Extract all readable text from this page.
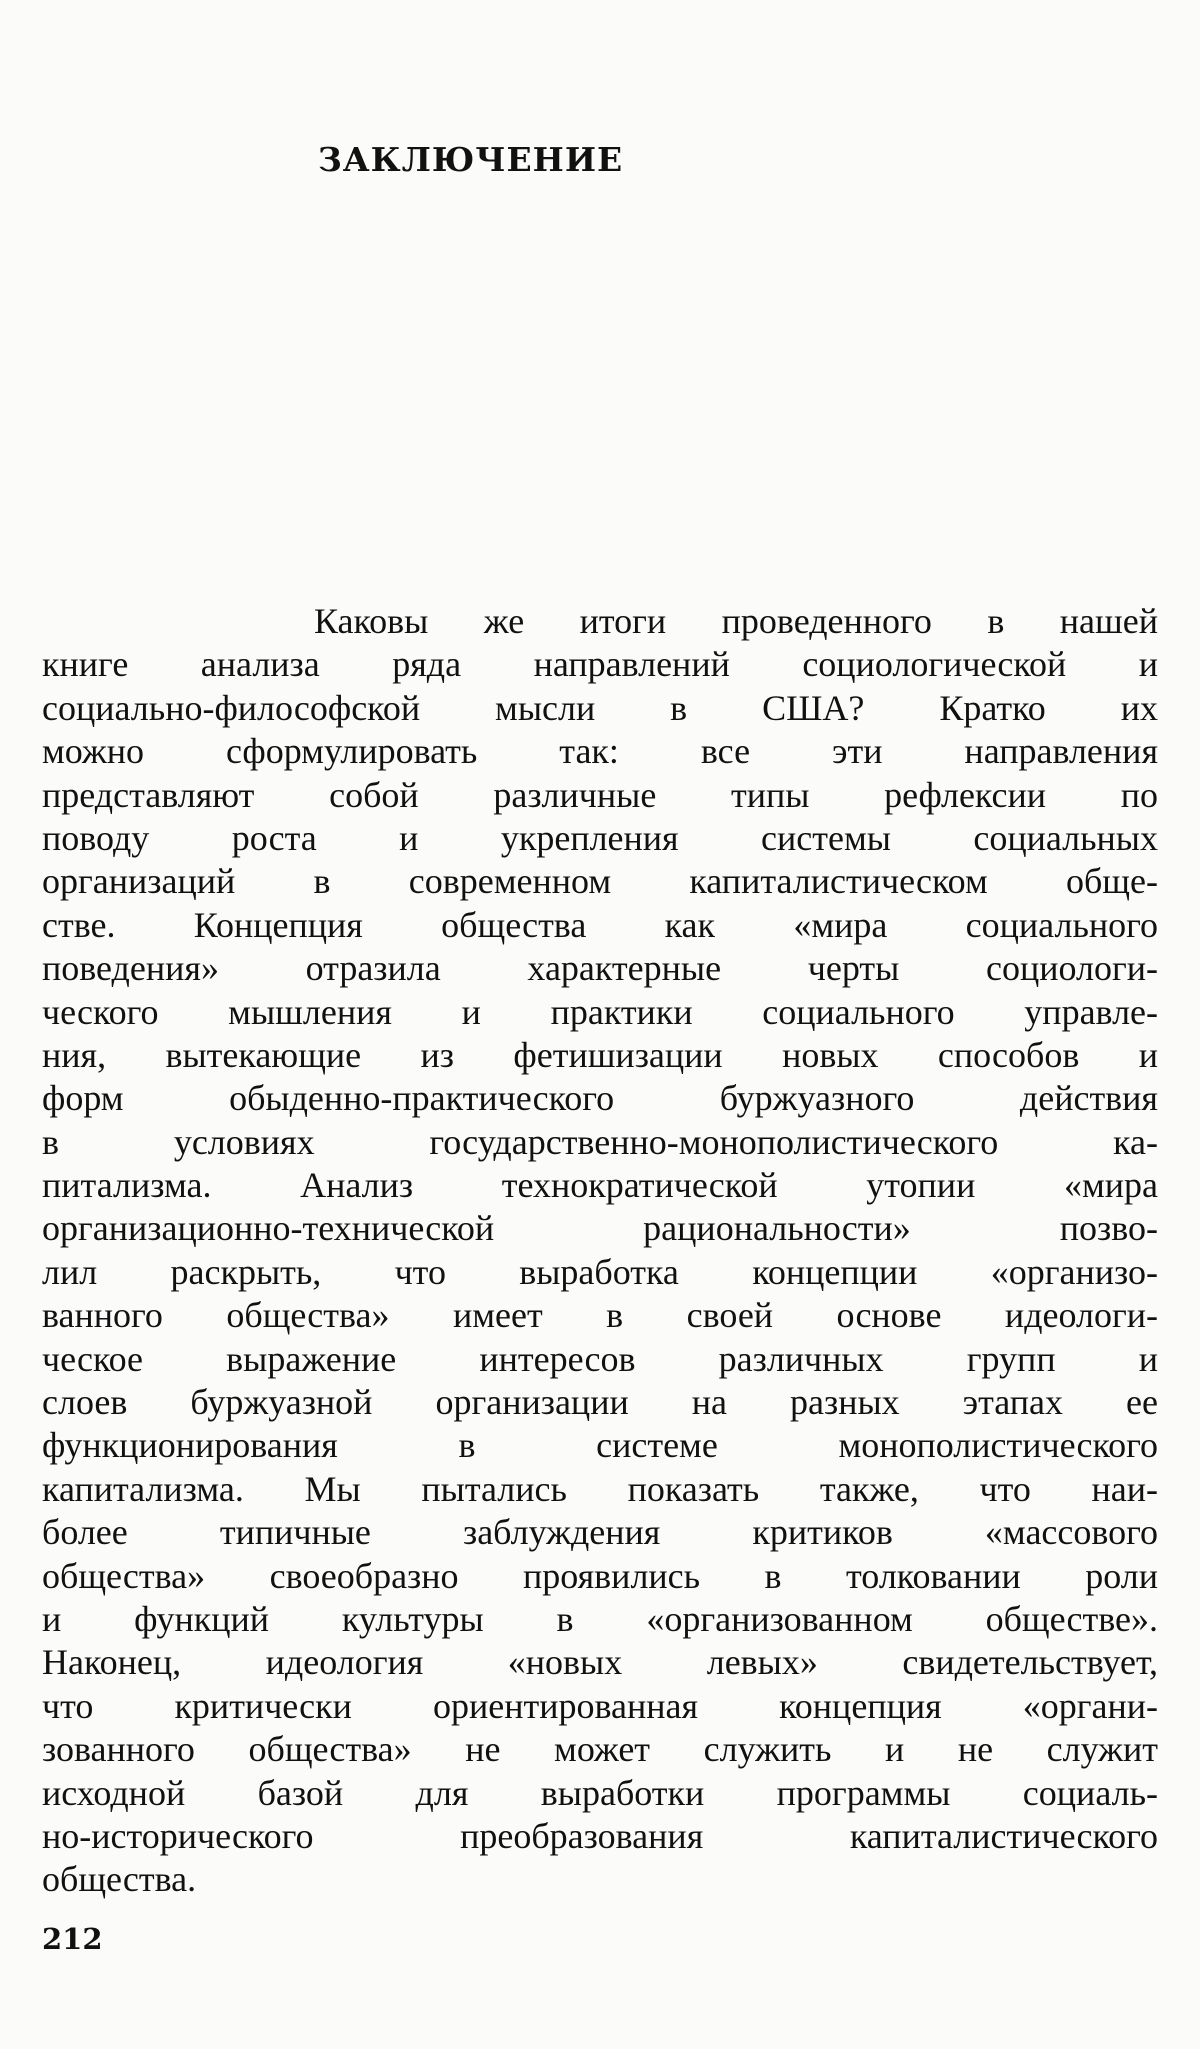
ЗАКЛЮЧЕНИЕ
Каковы же итоги проведенного в нашей
книге анализа ряда направлений социологической и
социально-философской мысли в США? Кратко их
можно сформулировать так: все эти направления
представляют собой различные типы рефлексии по
поводу роста и укрепления системы социальных
организаций в современном капиталистическом обще-
стве. Концепция общества как «мира социального
поведения» отразила характерные черты социологи-
ческого мышления и практики социального управле-
ния, вытекающие из фетишизации новых способов и
форм обыденно-практического буржуазного действия
в условиях государственно-монополистического ка-
питализма. Анализ технократической утопии «мира
организационно-технической рациональности» позво-
лил раскрыть, что выработка концепции «организо-
ванного общества» имеет в своей основе идеологи-
ческое выражение интересов различных групп и
слоев буржуазной организации на разных этапах ее
функционирования в системе монополистического
капитализма. Мы пытались показать также, что наи-
более типичные заблуждения критиков «массового
общества» своеобразно проявились в толковании роли
и функций культуры в «организованном обществе».
Наконец, идеология «новых левых» свидетельствует,
что критически ориентированная концепция «органи-
зованного общества» не может служить и не служит
исходной базой для выработки программы социаль-
но-исторического преобразования капиталистического
общества.
212
